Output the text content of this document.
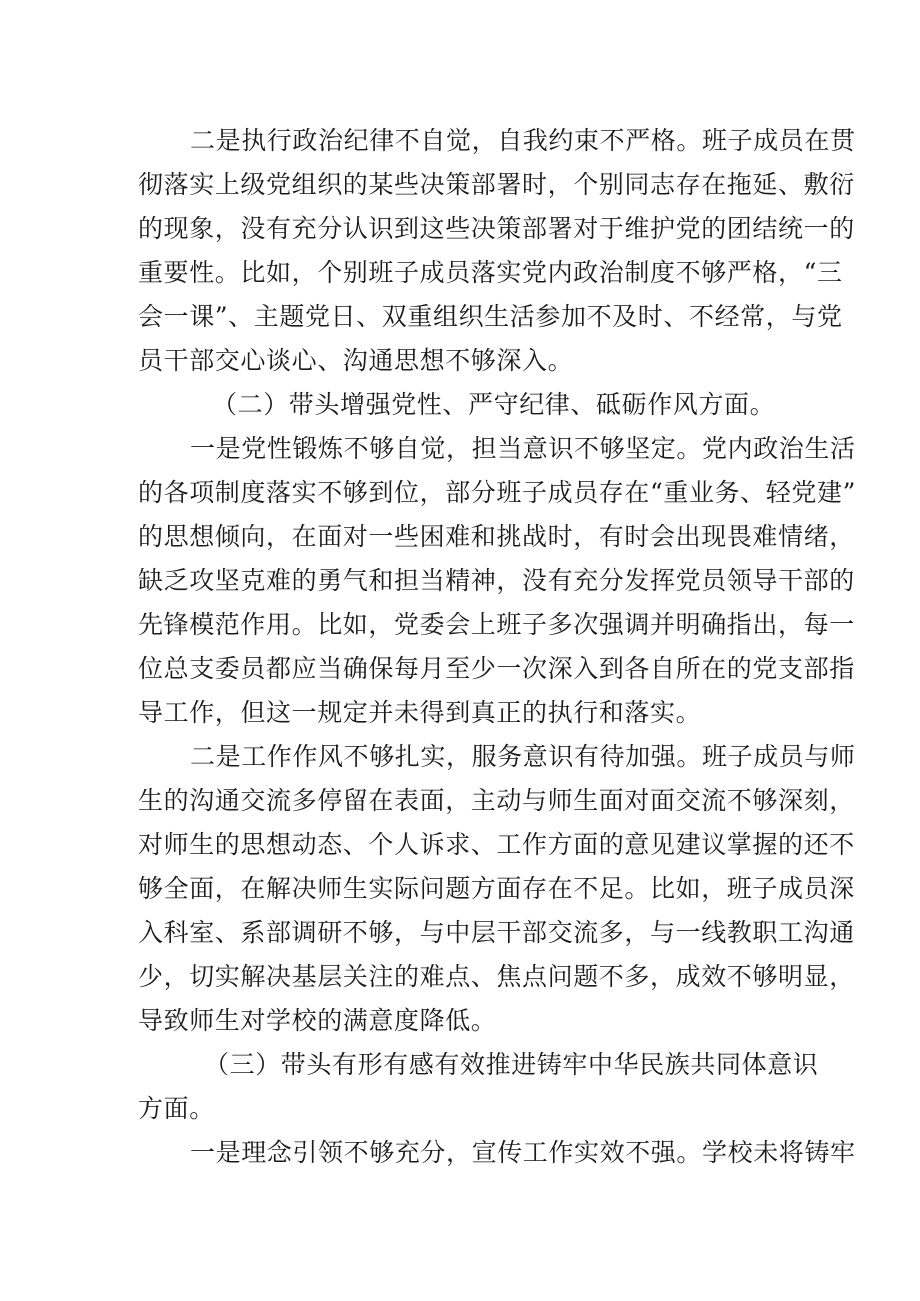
二是执行政治纪律不自觉，自我约束不严格。班子成员在贯
彻落实上级党组织的某些决策部署时，个别同志存在拖延、敷衍
的现象，没有充分认识到这些决策部署对于维护党的团结统一的
重要性。比如，个别班子成员落实党内政治制度不够严格，“三
会一课”、主题党日、双重组织生活参加不及时、不经常，与党
员干部交心谈心、沟通思想不够深入。
（二）带头增强党性、严守纪律、砥砺作风方面。
一是党性锻炼不够自觉，担当意识不够坚定。党内政治生活
的各项制度落实不够到位，部分班子成员存在“重业务、轻党建”
的思想倾向，在面对一些困难和挑战时，有时会出现畏难情绪，
缺乏攻坚克难的勇气和担当精神，没有充分发挥党员领导干部的
先锋模范作用。比如，党委会上班子多次强调并明确指出，每一
位总支委员都应当确保每月至少一次深入到各自所在的党支部指
导工作，但这一规定并未得到真正的执行和落实。
二是工作作风不够扎实，服务意识有待加强。班子成员与师
生的沟通交流多停留在表面，主动与师生面对面交流不够深刻，
对师生的思想动态、个人诉求、工作方面的意见建议掌握的还不
够全面，在解决师生实际问题方面存在不足。比如，班子成员深
入科室、系部调研不够，与中层干部交流多，与一线教职工沟通
少，切实解决基层关注的难点、焦点问题不多，成效不够明显，
导致师生对学校的满意度降低。
（三）带头有形有感有效推进铸牢中华民族共同体意识
方面。
一是理念引领不够充分，宣传工作实效不强。学校未将铸牢
